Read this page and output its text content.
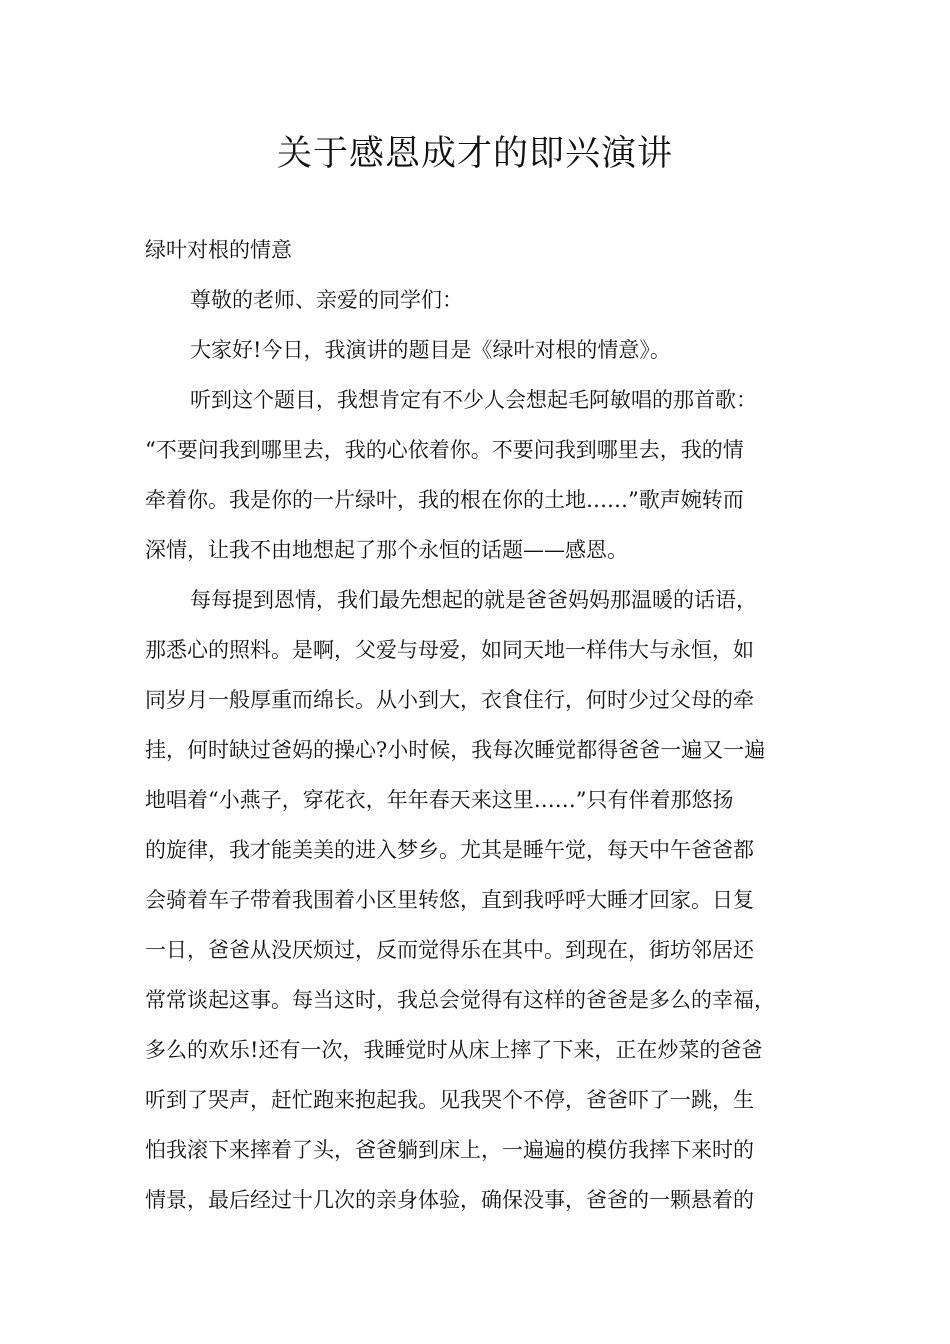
关于感恩成才的即兴演讲

绿叶对根的情意

尊敬的老师、亲爱的同学们：

大家好!今日，我演讲的题目是《绿叶对根的情意》。

听到这个题目，我想肯定有不少人会想起毛阿敏唱的那首歌：

“不要问我到哪里去，我的心依着你。不要问我到哪里去，我的情

牵着你。我是你的一片绿叶，我的根在你的土地……”歌声婉转而

深情，让我不由地想起了那个永恒的话题——感恩。

每每提到恩情，我们最先想起的就是爸爸妈妈那温暖的话语，

那悉心的照料。是啊，父爱与母爱，如同天地一样伟大与永恒，如

同岁月一般厚重而绵长。从小到大，衣食住行，何时少过父母的牵

挂，何时缺过爸妈的操心?小时候，我每次睡觉都得爸爸一遍又一遍

地唱着“小燕子，穿花衣，年年春天来这里……”只有伴着那悠扬

的旋律，我才能美美的进入梦乡。尤其是睡午觉，每天中午爸爸都

会骑着车子带着我围着小区里转悠，直到我呼呼大睡才回家。日复

一日，爸爸从没厌烦过，反而觉得乐在其中。到现在，街坊邻居还

常常谈起这事。每当这时，我总会觉得有这样的爸爸是多么的幸福，

多么的欢乐!还有一次，我睡觉时从床上摔了下来，正在炒菜的爸爸

听到了哭声，赶忙跑来抱起我。见我哭个不停，爸爸吓了一跳，生

怕我滚下来摔着了头，爸爸躺到床上，一遍遍的模仿我摔下来时的

情景，最后经过十几次的亲身体验，确保没事，爸爸的一颗悬着的
